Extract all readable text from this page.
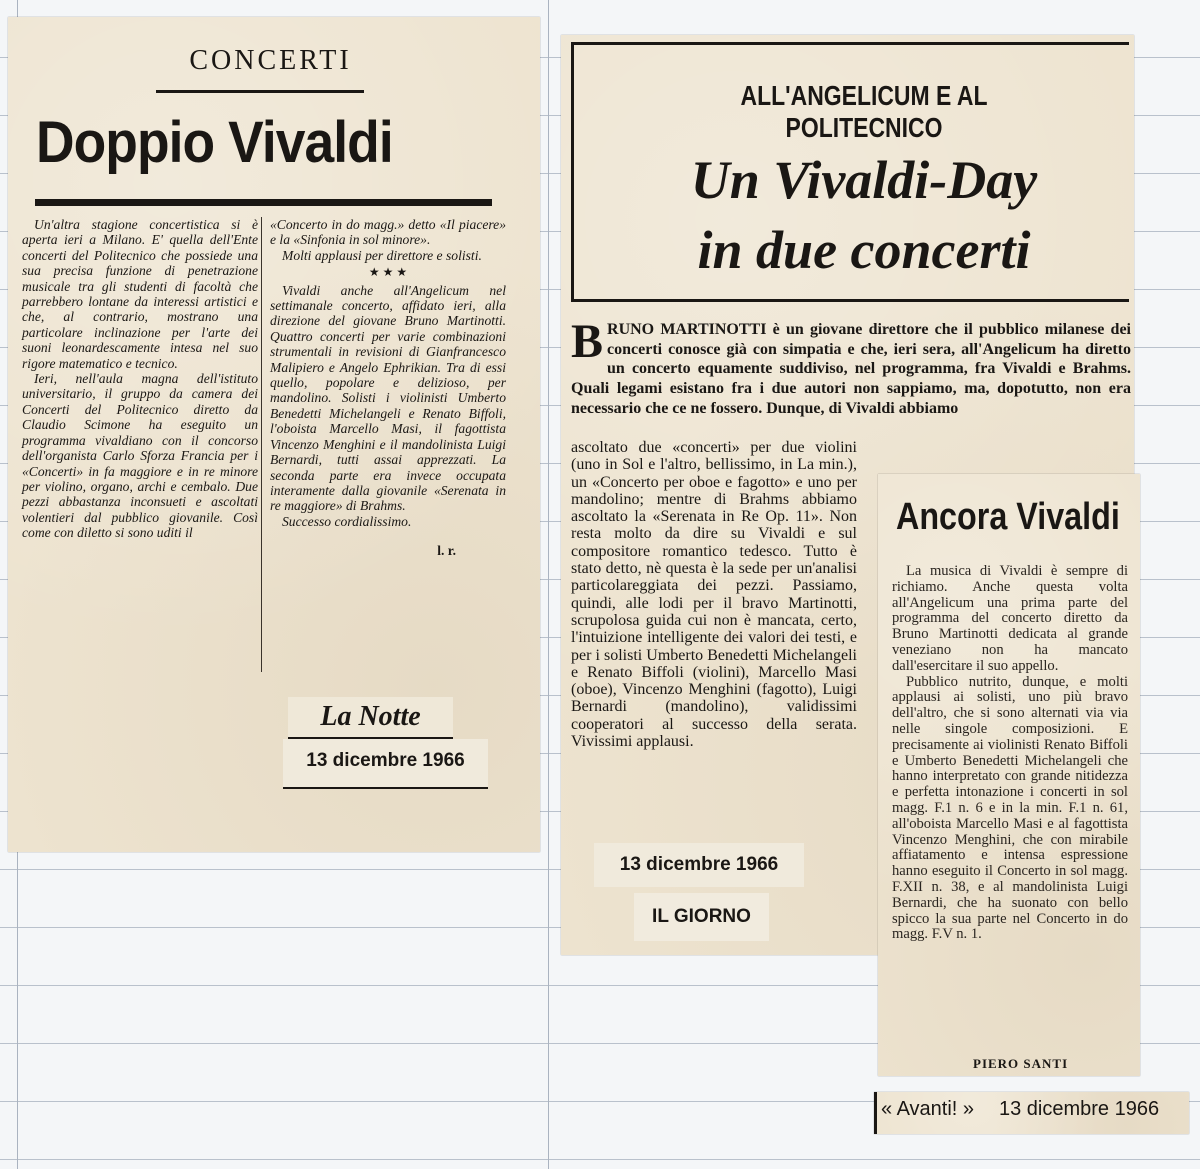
CONCERTI
Doppio Vivaldi

Un'altra stagione concertistica si è aperta ieri a Milano. E' quella dell'Ente concerti del Politecnico che possiede una sua precisa funzione di penetrazione musicale tra gli studenti di facoltà che parrebbero lontane da interessi artistici e che, al contrario, mostrano una particolare inclinazione per l'arte dei suoni leonardescamente intesa nel suo rigore matematico e tecnico.

Ieri, nell'aula magna dell'istituto universitario, il gruppo da camera dei Concerti del Politecnico diretto da Claudio Scimone ha eseguito un programma vivaldiano con il concorso dell'organista Carlo Sforza Francia per i «Concerti» in fa maggiore e in re minore per violino, organo, archi e cembalo. Due pezzi abbastanza inconsueti e ascoltati volentieri dal pubblico giovanile. Così come con diletto si sono uditi il

«Concerto in do magg.» detto «Il piacere» e la «Sinfonia in sol minore».

Molti applausi per direttore e solisti.

★ ★ ★

Vivaldi anche all'Angelicum nel settimanale concerto, affidato ieri, alla direzione del giovane Bruno Martinotti. Quattro concerti per varie combinazioni strumentali in revisioni di Gianfrancesco Malipiero e Angelo Ephrikian. Tra di essi quello, popolare e delizioso, per mandolino. Solisti i violinisti Umberto Benedetti Michelangeli e Renato Biffoli, l'oboista Marcello Masi, il fagottista Vincenzo Menghini e il mandolinista Luigi Bernardi, tutti assai apprezzati. La seconda parte era invece occupata interamente dalla giovanile «Serenata in re maggiore» di Brahms.

Successo cordialissimo.

l. r.

La Notte
13 dicembre 1966
ALL'ANGELICUM E AL POLITECNICO
Un Vivaldi-Day
in due concerti
BRUNO MARTINOTTI è un giovane direttore che il pubblico milanese dei concerti conosce già con simpatia e che, ieri sera, all'Angelicum ha diretto un concerto equamente suddiviso, nel programma, fra Vivaldi e Brahms. Quali legami esistano fra i due autori non sappiamo, ma, dopotutto, non era necessario che ce ne fossero. Dunque, di Vivaldi abbiamo
ascoltato due «concerti» per due violini (uno in Sol e l'altro, bellissimo, in La min.), un «Concerto per oboe e fagotto» e uno per mandolino; mentre di Brahms abbiamo ascoltato la «Serenata in Re Op. 11». Non resta molto da dire su Vivaldi e sul compositore romantico tedesco. Tutto è stato detto, nè questa è la sede per un'analisi particolareggiata dei pezzi. Passiamo, quindi, alle lodi per il bravo Martinotti, scrupolosa guida cui non è mancata, certo, l'intuizione intelligente dei valori dei testi, e per i solisti Umberto Benedetti Michelangeli e Renato Biffoli (violini), Marcello Masi (oboe), Vincenzo Menghini (fagotto), Luigi Bernardi (mandolino), validissimi cooperatori al successo della serata. Vivissimi applausi.
13 dicembre 1966
IL GIORNO
Ancora Vivaldi

La musica di Vivaldi è sempre di richiamo. Anche questa volta all'Angelicum una prima parte del programma del concerto diretto da Bruno Martinotti dedicata al grande veneziano non ha mancato dall'esercitare il suo appello.

Pubblico nutrito, dunque, e molti applausi ai solisti, uno più bravo dell'altro, che si sono alternati via via nelle singole composizioni. E precisamente ai violinisti Renato Biffoli e Umberto Benedetti Michelangeli che hanno interpretato con grande nitidezza e perfetta intonazione i concerti in sol magg. F.1 n. 6 e in la min. F.1 n. 61, all'oboista Marcello Masi e al fagottista Vincenzo Menghini, che con mirabile affiatamento e intensa espressione hanno eseguito il Concerto in sol magg. F.XII n. 38, e al mandolinista Luigi Bernardi, che ha suonato con bello spicco la sua parte nel Concerto in do magg. F.V n. 1.

PIERO SANTI
« Avanti! » 13 dicembre 1966
